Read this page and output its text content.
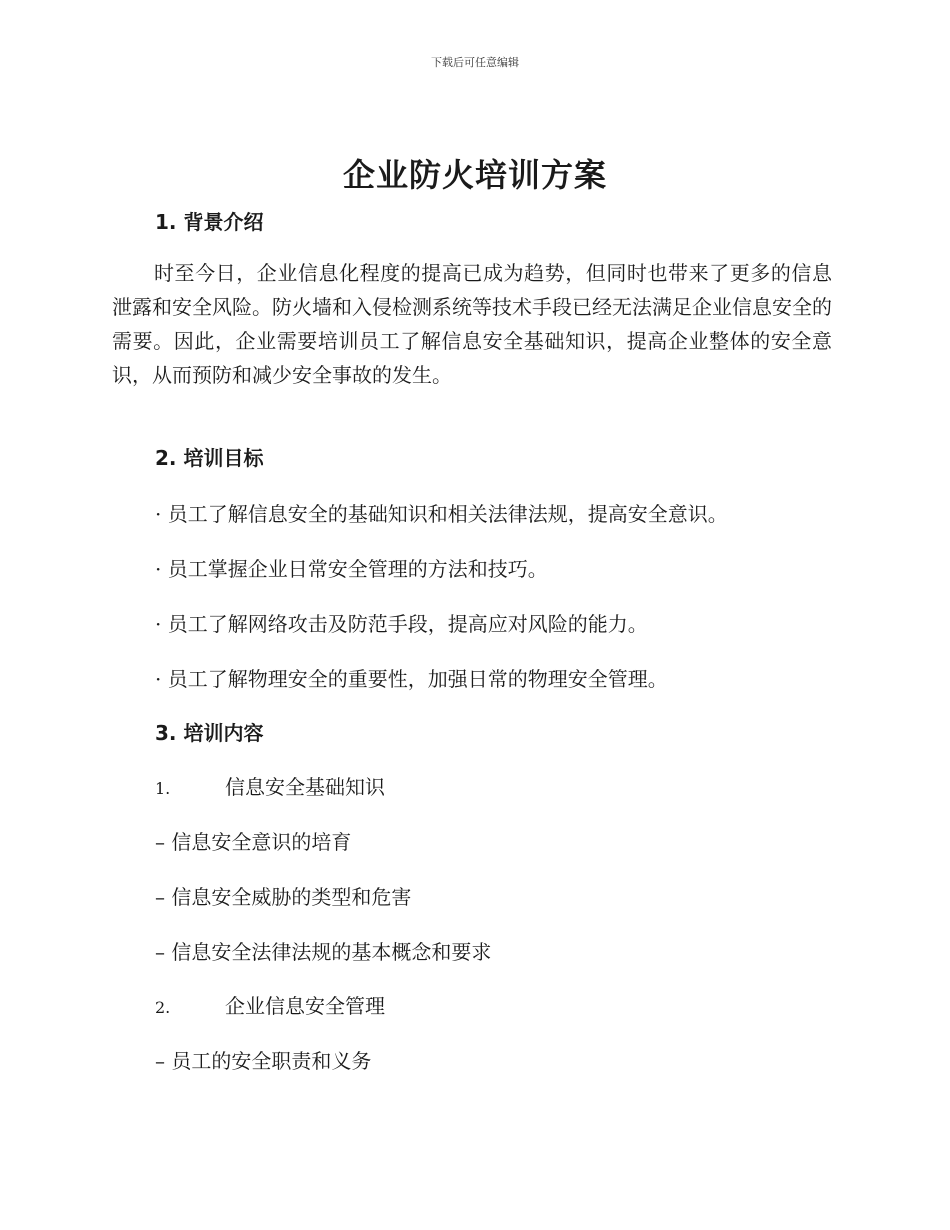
下载后可任意编辑
企业防火培训方案
1. 背景介绍

时至今日，企业信息化程度的提高已成为趋势，但同时也带来了更多的信息泄露和安全风险。防火墙和入侵检测系统等技术手段已经无法满足企业信息安全的需要。因此，企业需要培训员工了解信息安全基础知识，提高企业整体的安全意识，从而预防和减少安全事故的发生。

2. 培训目标

· 员工了解信息安全的基础知识和相关法律法规，提高安全意识。

· 员工掌握企业日常安全管理的方法和技巧。

· 员工了解网络攻击及防范手段，提高应对风险的能力。

· 员工了解物理安全的重要性，加强日常的物理安全管理。

3. 培训内容
1.	信息安全基础知识

– 信息安全意识的培育

– 信息安全威胁的类型和危害

– 信息安全法律法规的基本概念和要求

2.	企业信息安全管理

– 员工的安全职责和义务
